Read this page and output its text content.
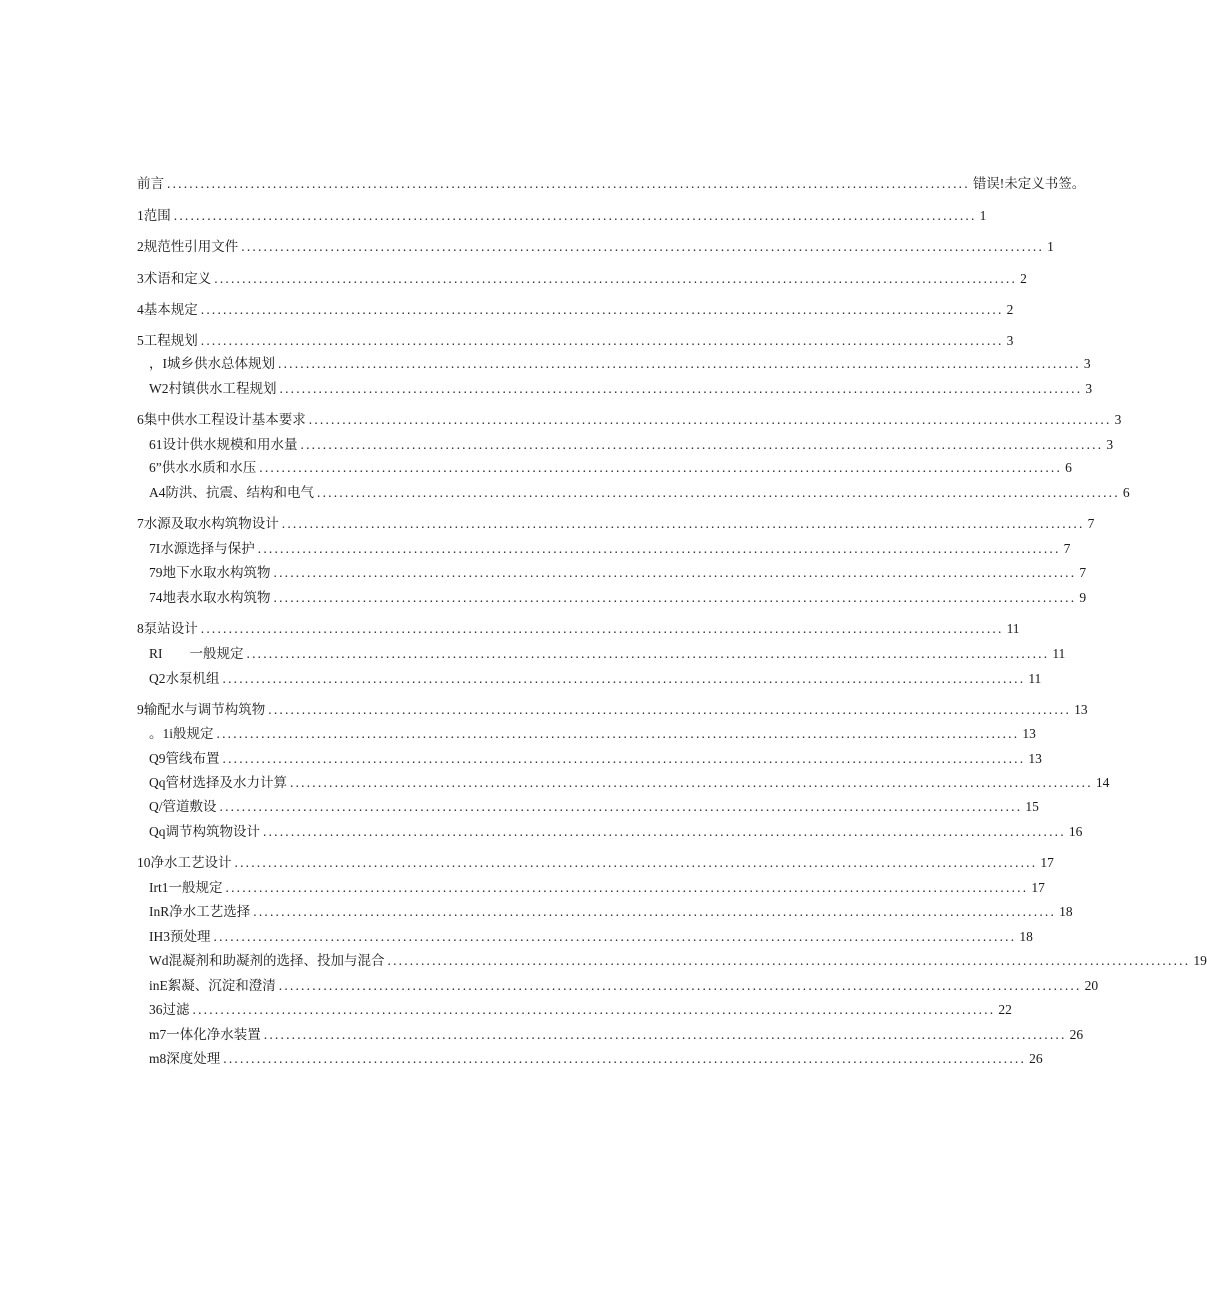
前言 ................................................................................................................................................ 错误!未定义书签。
1范围 ................................................................................................................................................ 1
2规范性引用文件 ................................................................................................................................................ 1
3术语和定义 ................................................................................................................................................ 2
4基本规定 ................................................................................................................................................ 2
5工程规划 ................................................................................................................................................ 3
，I城乡供水总体规划 ................................................................................................................................................ 3
W2村镇供水工程规划 ................................................................................................................................................ 3
6集中供水工程设计基本要求 ................................................................................................................................................ 3
61设计供水规模和用水量 ................................................................................................................................................ 3
6”供水水质和水压 ................................................................................................................................................ 6
A4防洪、抗震、结构和电气 ................................................................................................................................................ 6
7水源及取水构筑物设计 ................................................................................................................................................ 7
7I水源选择与保护 ................................................................................................................................................ 7
79地下水取水构筑物 ................................................................................................................................................ 7
74地表水取水构筑物 ................................................................................................................................................ 9
8泵站设计 ................................................................................................................................................ 11
RI　　一般规定 ................................................................................................................................................ 11
Q2水泵机组 ................................................................................................................................................ 11
9输配水与调节构筑物 ................................................................................................................................................ 13
。1i般规定 ................................................................................................................................................ 13
Q9管线布置 ................................................................................................................................................ 13
Qq管材选择及水力计算 ................................................................................................................................................ 14
Q/管道敷设 ................................................................................................................................................ 15
Qq调节构筑物设计 ................................................................................................................................................ 16
10净水工艺设计 ................................................................................................................................................ 17
Irt1一般规定 ................................................................................................................................................ 17
InR净水工艺选择 ................................................................................................................................................ 18
IH3预处理 ................................................................................................................................................ 18
Wd混凝剂和助凝剂的选择、投加与混合 ................................................................................................................................................ 19
inE絮凝、沉淀和澄清 ................................................................................................................................................ 20
36过滤 ................................................................................................................................................ 22
m7一体化净水装置 ................................................................................................................................................ 26
m8深度处理 ................................................................................................................................................ 26
